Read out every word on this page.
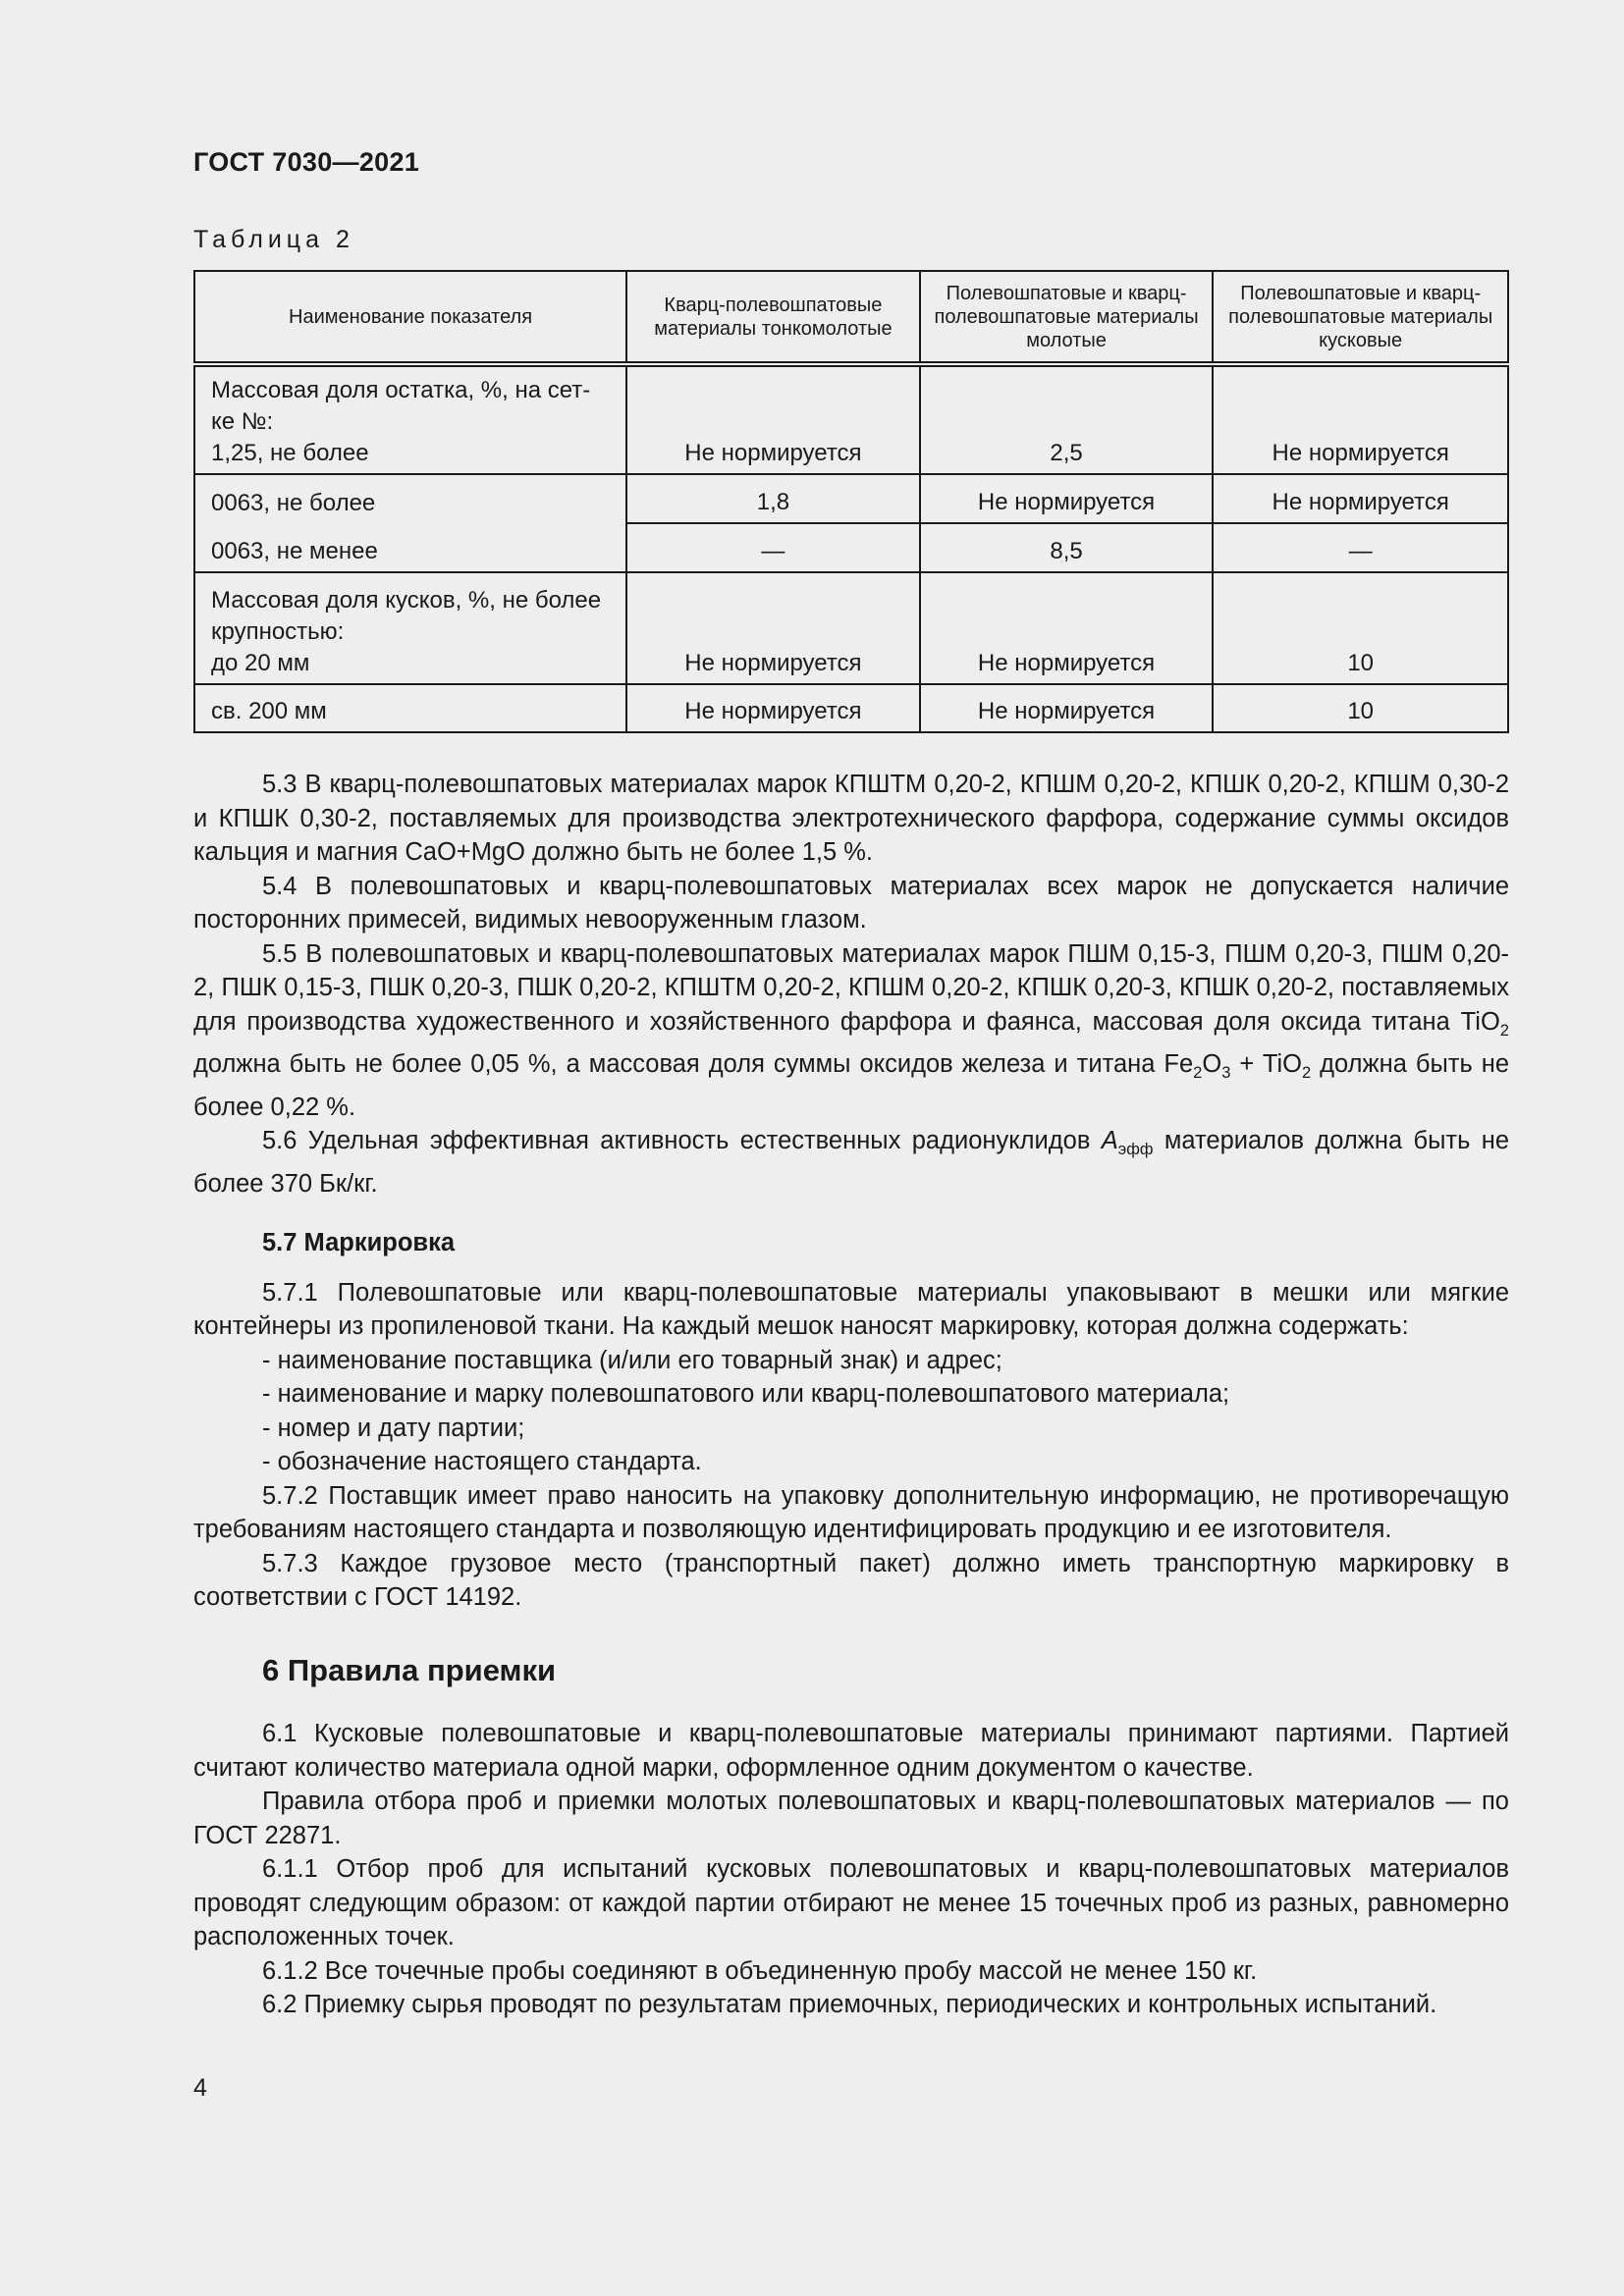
ГОСТ 7030—2021
Таблица 2
Наименование показателя	Кварц-полевошпатовые материалы тонкомолотые	Полевошпатовые и кварц-полевошпатовые материалы молотые	Полевошпатовые и кварц-полевошпатовые материалы кусковые

Массовая доля остатка, %, на сет-
ке №:
1,25, не более	Не нормируется	2,5	Не нормируется
0063, не более	1,8	Не нормируется	Не нормируется
0063, не менее	—	8,5	—

Массовая доля кусков, %, не более
крупностью:
до 20 мм	Не нормируется	Не нормируется	10
св. 200 мм	Не нормируется	Не нормируется	10

5.3 В кварц-полевошпатовых материалах марок КПШТМ 0,20-2, КПШМ 0,20-2, КПШК 0,20-2, КПШМ 0,30-2 и КПШК 0,30-2, поставляемых для производства электротехнического фарфора, содержание суммы оксидов кальция и магния CaO+MgO должно быть не более 1,5 %.

5.4 В полевошпатовых и кварц-полевошпатовых материалах всех марок не допускается наличие посторонних примесей, видимых невооруженным глазом.

5.5 В полевошпатовых и кварц-полевошпатовых материалах марок ПШМ 0,15-3, ПШМ 0,20-3, ПШМ 0,20-2, ПШК 0,15-3, ПШК 0,20-3, ПШК 0,20-2, КПШТМ 0,20-2, КПШМ 0,20-2, КПШК 0,20-3, КПШК 0,20-2, поставляемых для производства художественного и хозяйственного фарфора и фаянса, массовая доля оксида титана TiO$_2$ должна быть не более 0,05 %, а массовая доля суммы оксидов железа и титана $Fe_2O_3 + TiO_2$ должна быть не более 0,22 %.

5.6 Удельная эффективная активность естественных радионуклидов $A_{эфф}$ материалов должна быть не более 370 Бк/кг.

5.7 Маркировка

5.7.1 Полевошпатовые или кварц-полевошпатовые материалы упаковывают в мешки или мягкие контейнеры из пропиленовой ткани. На каждый мешок наносят маркировку, которая должна содержать:

- наименование поставщика (и/или его товарный знак) и адрес;

- наименование и марку полевошпатового или кварц-полевошпатового материала;

- номер и дату партии;

- обозначение настоящего стандарта.

5.7.2 Поставщик имеет право наносить на упаковку дополнительную информацию, не противоречащую требованиям настоящего стандарта и позволяющую идентифицировать продукцию и ее изготовителя.

5.7.3 Каждое грузовое место (транспортный пакет) должно иметь транспортную маркировку в соответствии с ГОСТ 14192.

6 Правила приемки

6.1 Кусковые полевошпатовые и кварц-полевошпатовые материалы принимают партиями. Партией считают количество материала одной марки, оформленное одним документом о качестве.

Правила отбора проб и приемки молотых полевошпатовых и кварц-полевошпатовых материалов — по ГОСТ 22871.

6.1.1 Отбор проб для испытаний кусковых полевошпатовых и кварц-полевошпатовых материалов проводят следующим образом: от каждой партии отбирают не менее 15 точечных проб из разных, равномерно расположенных точек.

6.1.2 Все точечные пробы соединяют в объединенную пробу массой не менее 150 кг.

6.2 Приемку сырья проводят по результатам приемочных, периодических и контрольных испытаний.

4
